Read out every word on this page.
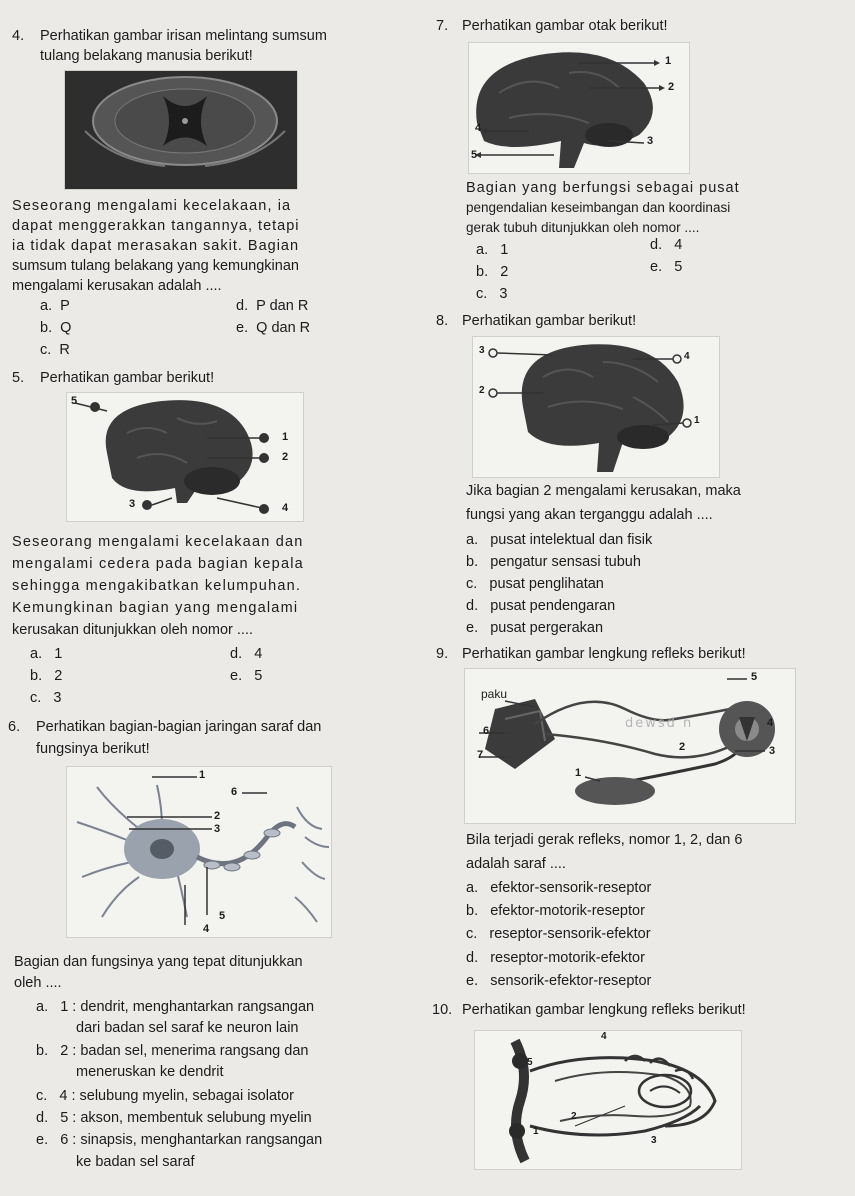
4. Perhatikan gambar irisan melintang sumsum
tulang belakang manusia berikut!
Seseorang mengalami kecelakaan, ia
dapat menggerakkan tangannya, tetapi
ia tidak dapat merasakan sakit. Bagian
sumsum tulang belakang yang kemungkinan
mengalami kerusakan adalah ....
a. P	d. P dan R
b. Q	e. Q dan R
c. R
5. Perhatikan gambar berikut!
5
1
2
3	4
Seseorang mengalami kecelakaan dan
mengalami cedera pada bagian kepala
sehingga mengakibatkan kelumpuhan.
Kemungkinan bagian yang mengalami
kerusakan ditunjukkan oleh nomor ....
a. 1	d. 4
b. 2	e. 5
c. 3
6. Perhatikan bagian-bagian jaringan saraf dan
fungsinya berikut!
1
6
2
3
5
4
Bagian dan fungsinya yang tepat ditunjukkan
oleh ....
a. 1 : dendrit, menghantarkan rangsangan
dari badan sel saraf ke neuron lain
b. 2 : badan sel, menerima rangsang dan
meneruskan ke dendrit
c. 4 : selubung myelin, sebagai isolator
d. 5 : akson, membentuk selubung myelin
e. 6 : sinapsis, menghantarkan rangsangan
ke badan sel saraf
7. Perhatikan gambar otak berikut!
1
2
4
3
5
Bagian yang berfungsi sebagai pusat
pengendalian keseimbangan dan koordinasi
gerak tubuh ditunjukkan oleh nomor ....
a. 1	d. 4
b. 2	e. 5
c. 3
8. Perhatikan gambar berikut!
3
4
2
1
Jika bagian 2 mengalami kerusakan, maka
fungsi yang akan terganggu adalah ....
a. pusat intelektual dan fisik
b. pengatur sensasi tubuh
c. pusat penglihatan
d. pusat pendengaran
e. pusat pergerakan
9. Perhatikan gambar lengkung refleks berikut!
dewsd n
paku
5
6
4
7
2	3
1
Bila terjadi gerak refleks, nomor 1, 2, dan 6
adalah saraf ....
a. efektor-sensorik-reseptor
b. efektor-motorik-reseptor
c. reseptor-sensorik-efektor
d. reseptor-motorik-efektor
e. sensorik-efektor-reseptor
10. Perhatikan gambar lengkung refleks berikut!
4
5
2
1
3
